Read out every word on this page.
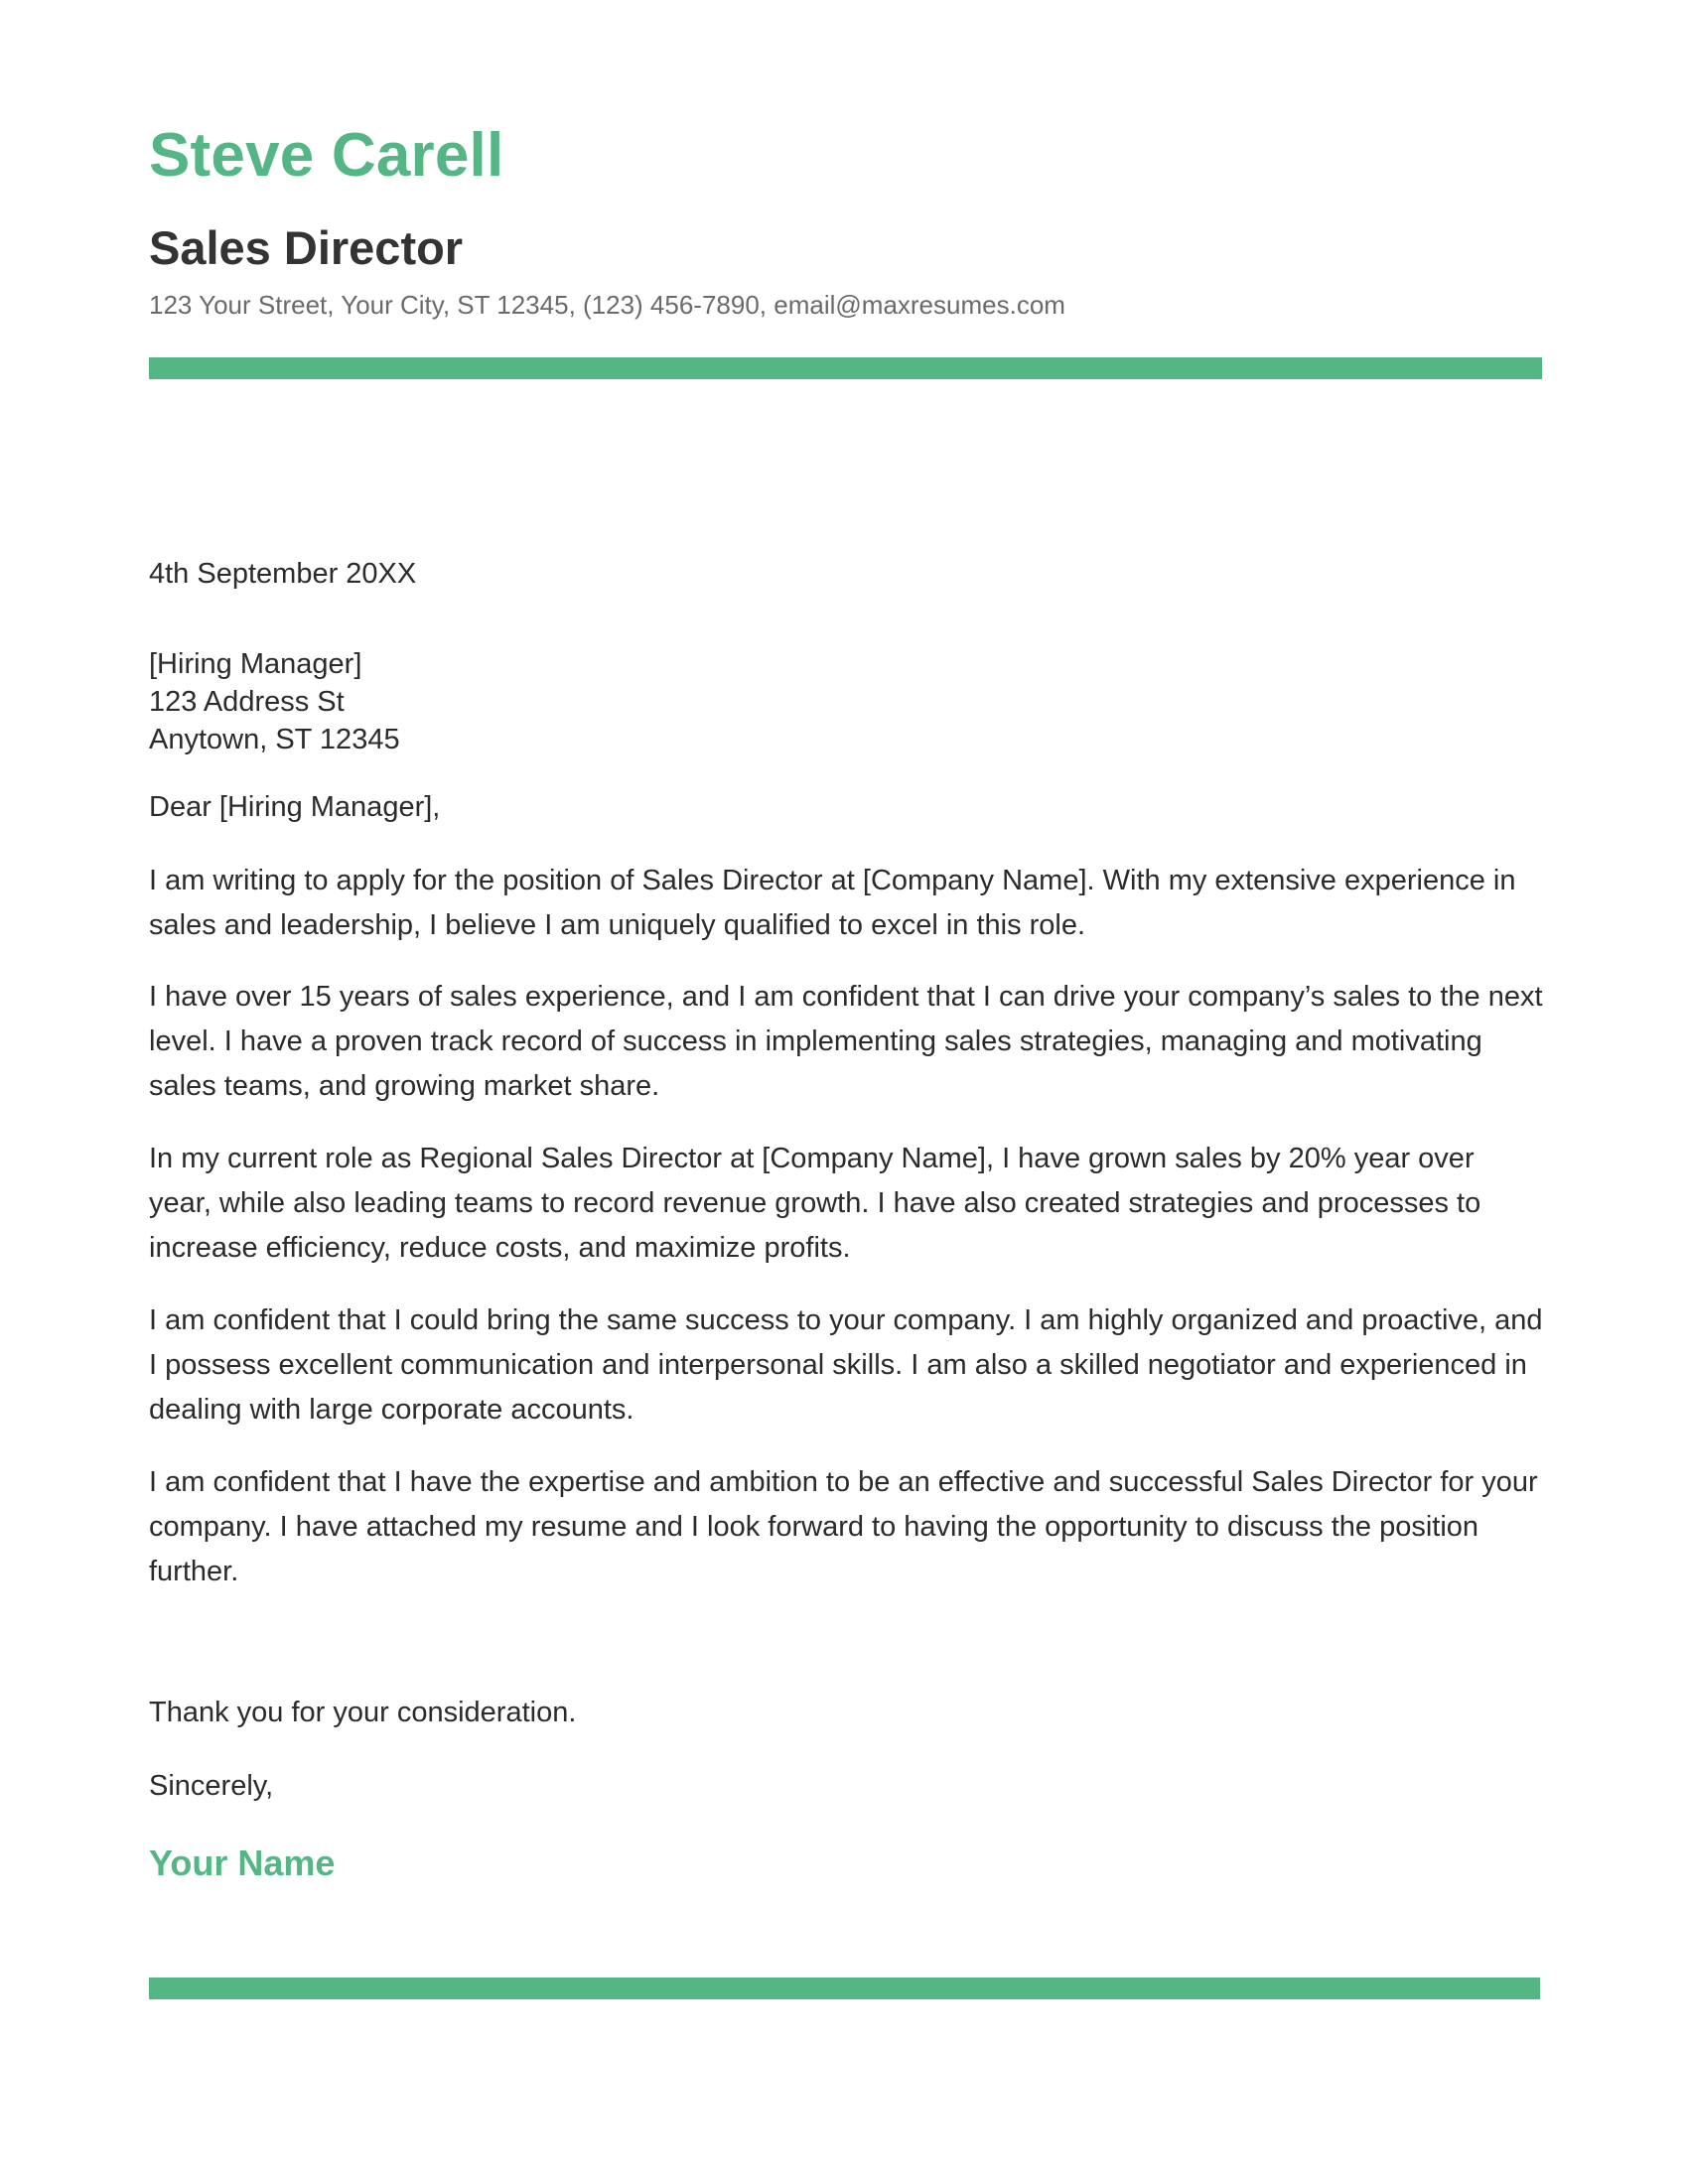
Steve Carell
Sales Director
123 Your Street, Your City, ST 12345, (123) 456-7890, email@maxresumes.com

4th September 20XX

[Hiring Manager]
123 Address St
Anytown, ST 12345

Dear [Hiring Manager],

I am writing to apply for the position of Sales Director at [Company Name]. With my extensive experience in sales and leadership, I believe I am uniquely qualified to excel in this role.

I have over 15 years of sales experience, and I am confident that I can drive your company’s sales to the next level. I have a proven track record of success in implementing sales strategies, managing and motivating sales teams, and growing market share.

In my current role as Regional Sales Director at [Company Name], I have grown sales by 20% year over year, while also leading teams to record revenue growth. I have also created strategies and processes to increase efficiency, reduce costs, and maximize profits.

I am confident that I could bring the same success to your company. I am highly organized and proactive, and I possess excellent communication and interpersonal skills. I am also a skilled negotiator and experienced in dealing with large corporate accounts.

I am confident that I have the expertise and ambition to be an effective and successful Sales Director for your company. I have attached my resume and I look forward to having the opportunity to discuss the position further.

Thank you for your consideration.

Sincerely,

Your Name
